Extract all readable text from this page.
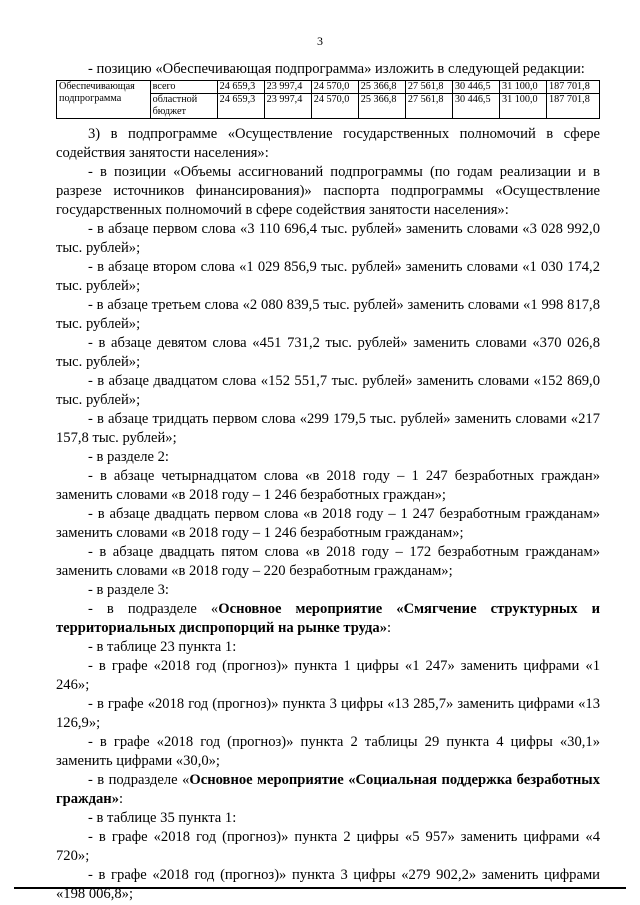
3

- позицию «Обеспечивающая подпрограмма» изложить в следующей редакции:

Обеспечивающая
подпрограмма	всего	24 659,3	23 997,4	24 570,0	25 366,8	27 561,8	30 446,5	31 100,0	187 701,8
	областной бюджет	24 659,3	23 997,4	24 570,0	25 366,8	27 561,8	30 446,5	31 100,0	187 701,8

3) в подпрограмме «Осуществление государственных полномочий в сфере содействия занятости населения»:

- в позиции «Объемы ассигнований подпрограммы (по годам реализации и в разрезе источников финансирования)» паспорта подпрограммы «Осуществление государственных полномочий в сфере содействия занятости населения»:

- в абзаце первом слова «3 110 696,4 тыс. рублей» заменить словами «3 028 992,0 тыс. рублей»;

- в абзаце втором слова «1 029 856,9 тыс. рублей» заменить словами «1 030 174,2 тыс. рублей»;

- в абзаце третьем слова «2 080 839,5 тыс. рублей» заменить словами «1 998 817,8 тыс. рублей»;

- в абзаце девятом слова «451 731,2 тыс. рублей» заменить словами «370 026,8 тыс. рублей»;

- в абзаце двадцатом слова «152 551,7 тыс. рублей» заменить словами «152 869,0 тыс. рублей»;

- в абзаце тридцать первом слова «299 179,5 тыс. рублей» заменить словами «217 157,8 тыс. рублей»;

- в разделе 2:

- в абзаце четырнадцатом слова «в 2018 году – 1 247 безработных граждан» заменить словами «в 2018 году – 1 246 безработных граждан»;

- в абзаце двадцать первом слова «в 2018 году – 1 247 безработным гражданам» заменить словами «в 2018 году – 1 246 безработным гражданам»;

- в абзаце двадцать пятом слова «в 2018 году – 172 безработным гражданам» заменить словами «в 2018 году – 220 безработным гражданам»;

- в разделе 3:

- в подразделе «Основное мероприятие «Смягчение структурных и территориальных диспропорций на рынке труда»:

- в таблице 23 пункта 1:

- в графе «2018 год (прогноз)» пункта 1 цифры «1 247» заменить цифрами «1 246»;

- в графе «2018 год (прогноз)» пункта 3 цифры «13 285,7» заменить цифрами «13 126,9»;

- в графе «2018 год (прогноз)» пункта 2 таблицы 29 пункта 4 цифры «30,1» заменить цифрами «30,0»;

- в подразделе «Основное мероприятие «Социальная поддержка безработных граждан»:

- в таблице 35 пункта 1:

- в графе «2018 год (прогноз)» пункта 2 цифры «5 957» заменить цифрами «4 720»;

- в графе «2018 год (прогноз)» пункта 3 цифры «279 902,2» заменить цифрами «198 006,8»;
